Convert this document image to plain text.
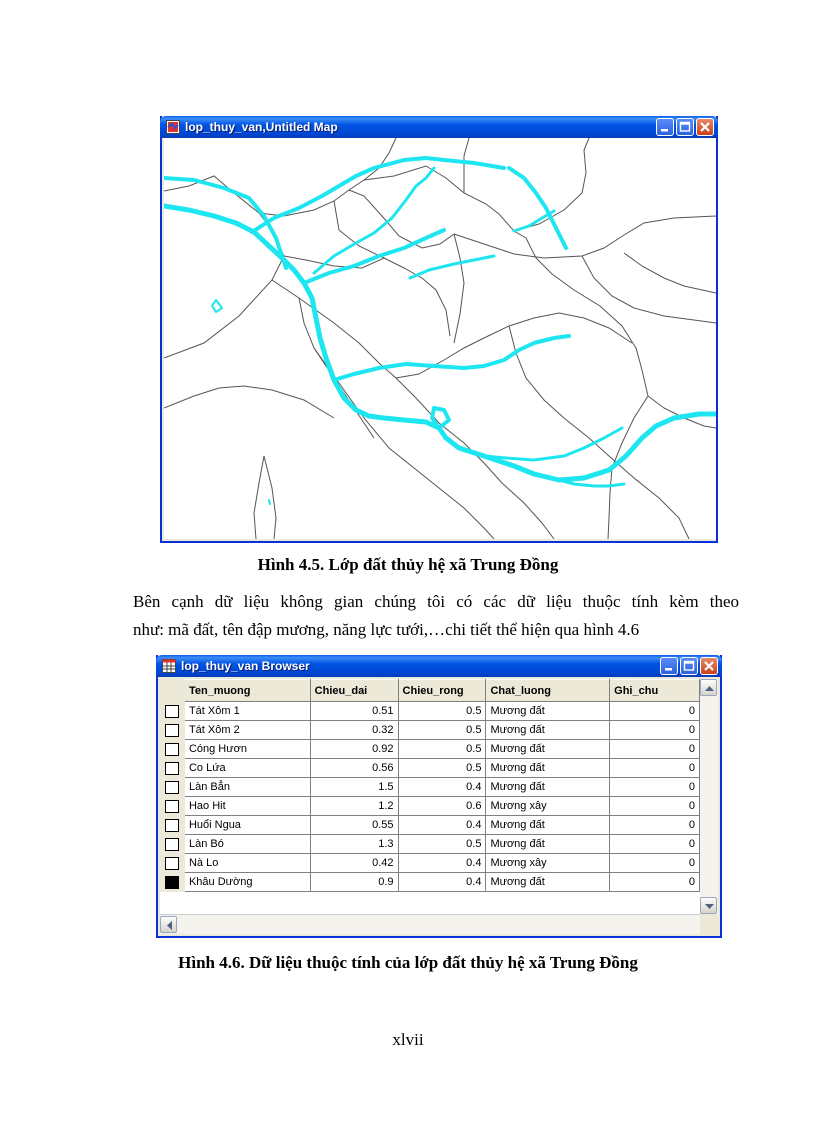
lop_thuy_van,Untitled Map
Hình 4.5. Lớp đất thủy hệ xã Trung Đồng
Bên cạnh dữ liệu không gian chúng tôi có các dữ liệu thuộc tính kèm theo
như: mã đất, tên đập mương, năng lực tưới,…chi tiết thể hiện qua hình 4.6
lop_thuy_van Browser
	Ten_muong	Chieu_dai	Chieu_rong	Chat_luong	Ghi_chu
	Tát Xôm 1	0.51	0.5	Mương đất	0
	Tát Xôm 2	0.32	0.5	Mương đất	0
	Cóng Hươn	0.92	0.5	Mương đất	0
	Co Lứa	0.56	0.5	Mương đất	0
	Làn Bẳn	1.5	0.4	Mương đất	0
	Hao Hit	1.2	0.6	Mương xây	0
	Huổi Ngua	0.55	0.4	Mương đất	0
	Làn Bó	1.3	0.5	Mương đất	0
	Nà Lo	0.42	0.4	Mương xây	0
	Khâu Dường	0.9	0.4	Mương đất	0
Hình 4.6. Dữ liệu thuộc tính của lớp đất thủy hệ xã Trung Đồng
xlvii
